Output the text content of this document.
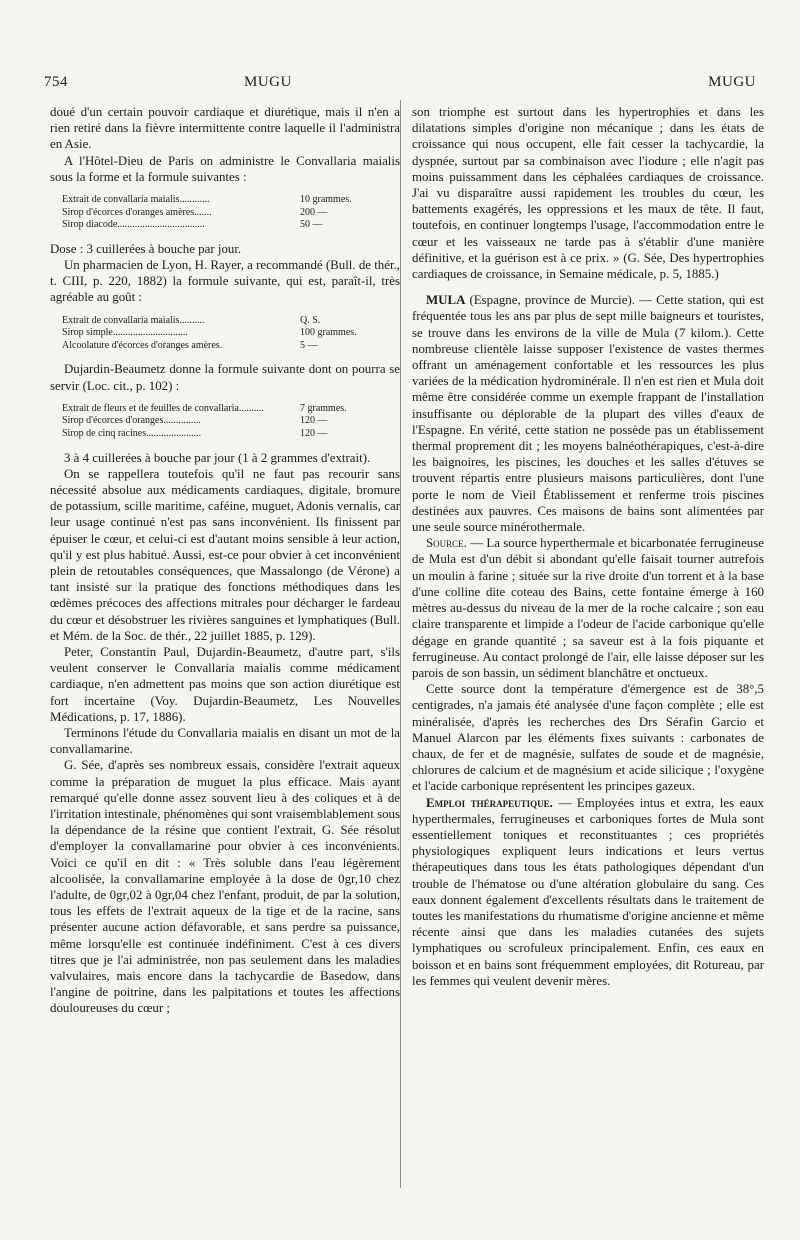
754	MUGU	MUGU

doué d'un certain pouvoir cardiaque et diurétique, mais il n'en a rien retiré dans la fièvre intermittente contre laquelle il l'administra en Asie.

A l'Hôtel-Dieu de Paris on administre le Convallaria maialis sous la forme et la formule suivantes :

Extrait de convallaria maialis............	10 grammes.
Sirop d'écorces d'oranges amères.......	200 —
Sirop diacode...................................	50 —

Dose : 3 cuillerées à bouche par jour.

Un pharmacien de Lyon, H. Rayer, a recommandé (Bull. de thér., t. CIII, p. 220, 1882) la formule suivante, qui est, paraît-il, très agréable au goût :

Extrait de convallaria maialis..........	Q. S.
Sirop simple..............................	100 grammes.
Alcoolature d'écorces d'oranges amères.	5 —

Dujardin-Beaumetz donne la formule suivante dont on pourra se servir (Loc. cit., p. 102) :

Extrait de fleurs et de feuilles de convallaria..........	7 grammes.
Sirop d'écorces d'oranges...............	120 —
Sirop de cinq racines......................	120 —

3 à 4 cuillerées à bouche par jour (1 à 2 grammes d'extrait).

On se rappellera toutefois qu'il ne faut pas recourir sans nécessité absolue aux médicaments cardiaques, digitale, bromure de potassium, scille maritime, caféine, muguet, Adonis vernalis, car leur usage continué n'est pas sans inconvénient. Ils finissent par épuiser le cœur, et celui-ci est d'autant moins sensible à leur action, qu'il y est plus habitué. Aussi, est-ce pour obvier à cet inconvénient plein de retoutables conséquences, que Massalongo (de Vérone) a tant insisté sur la pratique des fonctions méthodiques dans les œdèmes précoces des affections mitrales pour décharger le fardeau du cœur et désobstruer les rivières sanguines et lymphatiques (Bull. et Mém. de la Soc. de thér., 22 juillet 1885, p. 129).

Peter, Constantin Paul, Dujardin-Beaumetz, d'autre part, s'ils veulent conserver le Convallaria maialis comme médicament cardiaque, n'en admettent pas moins que son action diurétique est fort incertaine (Voy. Dujardin-Beaumetz, Les Nouvelles Médications, p. 17, 1886).

Terminons l'étude du Convallaria maialis en disant un mot de la convallamarine.

G. Sée, d'après ses nombreux essais, considère l'extrait aqueux comme la préparation de muguet la plus efficace. Mais ayant remarqué qu'elle donne assez souvent lieu à des coliques et à de l'irritation intestinale, phénomènes qui sont vraisemblablement sous la dépendance de la résine que contient l'extrait, G. Sée résolut d'employer la convallamarine pour obvier à ces inconvénients. Voici ce qu'il en dit : « Très soluble dans l'eau légèrement alcoolisée, la convallamarine employée à la dose de 0gr,10 chez l'adulte, de 0gr,02 à 0gr,04 chez l'enfant, produit, de par la solution, tous les effets de l'extrait aqueux de la tige et de la racine, sans présenter aucune action défavorable, et sans perdre sa puissance, même lorsqu'elle est continuée indéfiniment. C'est à ces divers titres que je l'ai administrée, non pas seulement dans les maladies valvulaires, mais encore dans la tachycardie de Basedow, dans l'angine de poitrine, dans les palpitations et toutes les affections douloureuses du cœur ;

son triomphe est surtout dans les hypertrophies et dans les dilatations simples d'origine non mécanique ; dans les états de croissance qui nous occupent, elle fait cesser la tachycardie, la dyspnée, surtout par sa combinaison avec l'iodure ; elle n'agit pas moins puissamment dans les céphalées cardiaques de croissance. J'ai vu disparaître aussi rapidement les troubles du cœur, les battements exagérés, les oppressions et les maux de tête. Il faut, toutefois, en continuer longtemps l'usage, l'accommodation entre le cœur et les vaisseaux ne tarde pas à s'établir d'une manière définitive, et la guérison est à ce prix. » (G. Sée, Des hypertrophies cardiaques de croissance, in Semaine médicale, p. 5, 1885.)

MULA (Espagne, province de Murcie). — Cette station, qui est fréquentée tous les ans par plus de sept mille baigneurs et touristes, se trouve dans les environs de la ville de Mula (7 kilom.). Cette nombreuse clientèle laisse supposer l'existence de vastes thermes offrant un aménagement confortable et les ressources les plus variées de la médication hydrominérale. Il n'en est rien et Mula doit même être considérée comme un exemple frappant de l'installation insuffisante ou déplorable de la plupart des villes d'eaux de l'Espagne. En vérité, cette station ne possède pas un établissement thermal proprement dit ; les moyens balnéothérapiques, c'est-à-dire les baignoires, les piscines, les douches et les salles d'étuves se trouvent répartis entre plusieurs maisons particulières, dont l'une porte le nom de Vieil Établissement et renferme trois piscines destinées aux pauvres. Ces maisons de bains sont alimentées par une seule source minérothermale.

Source. — La source hyperthermale et bicarbonatée ferrugineuse de Mula est d'un débit si abondant qu'elle faisait tourner autrefois un moulin à farine ; située sur la rive droite d'un torrent et à la base d'une colline dite coteau des Bains, cette fontaine émerge à 160 mètres au-dessus du niveau de la mer de la roche calcaire ; son eau claire transparente et limpide a l'odeur de l'acide carbonique qu'elle dégage en grande quantité ; sa saveur est à la fois piquante et ferrugineuse. Au contact prolongé de l'air, elle laisse déposer sur les parois de son bassin, un sédiment blanchâtre et onctueux.

Cette source dont la température d'émergence est de 38°,5 centigrades, n'a jamais été analysée d'une façon complète ; elle est minéralisée, d'après les recherches des Drs Sérafin Garcio et Manuel Alarcon par les éléments fixes suivants : carbonates de chaux, de fer et de magnésie, sulfates de soude et de magnésie, chlorures de calcium et de magnésium et acide silicique ; l'oxygène et l'acide carbonique représentent les principes gazeux.

Emploi thérapeutique. — Employées intus et extra, les eaux hyperthermales, ferrugineuses et carboniques fortes de Mula sont essentiellement toniques et reconstituantes ; ces propriétés physiologiques expliquent leurs indications et leurs vertus thérapeutiques dans tous les états pathologiques dépendant d'un trouble de l'hématose ou d'une altération globulaire du sang. Ces eaux donnent également d'excellents résultats dans le traitement de toutes les manifestations du rhumatisme d'origine ancienne et même récente ainsi que dans les maladies cutanées des sujets lymphatiques ou scrofuleux principalement. Enfin, ces eaux en boisson et en bains sont fréquemment employées, dit Rotureau, par les femmes qui veulent devenir mères.
